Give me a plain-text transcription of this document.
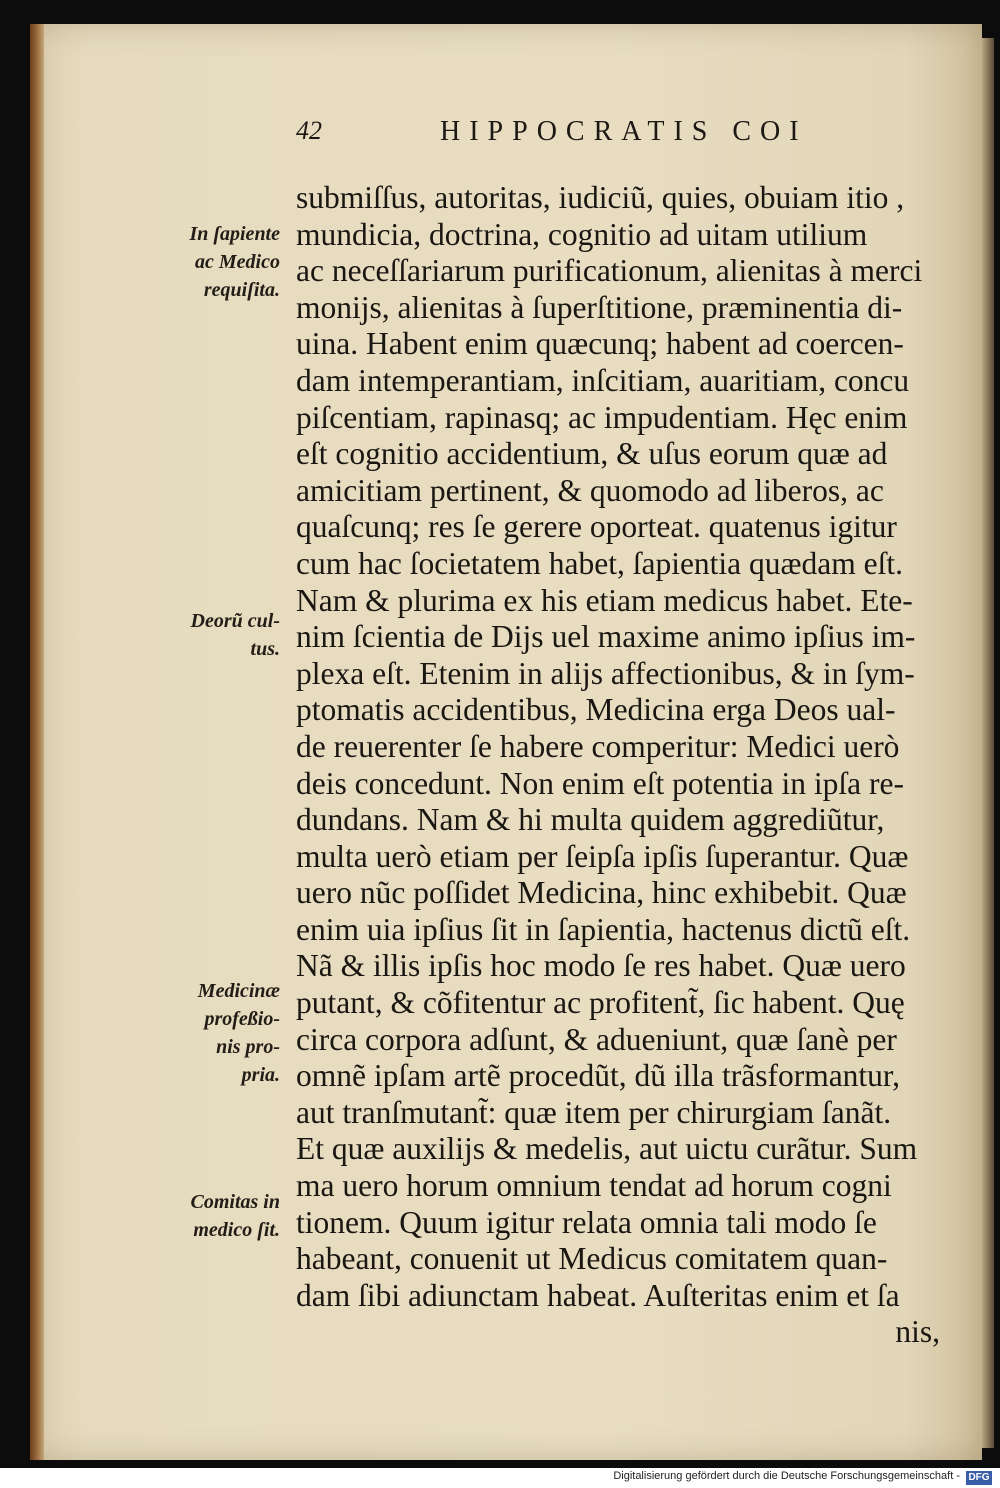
42	HIPPOCRATIS COI
submiſſus, autoritas, iudiciũ, quies, obuiam itio ,
mundicia, doctrina, cognitio ad uitam utilium
ac neceſſariarum purificationum, alienitas à merci
monijs, alienitas à ſuperſtitione, præminentia di-
uina. Habent enim quæcunq; habent ad coercen-
dam intemperantiam, inſcitiam, auaritiam, concu
piſcentiam, rapinasq; ac impudentiam. Hęc enim
eſt cognitio accidentium, & uſus eorum quæ ad
amicitiam pertinent, & quomodo ad liberos, ac
quaſcunq; res ſe gerere oporteat. quatenus igitur
cum hac ſocietatem habet, ſapientia quædam eſt.
Nam & plurima ex his etiam medicus habet. Ete-
nim ſcientia de Dijs uel maxime animo ipſius im-
plexa eſt. Etenim in alijs affectionibus, & in ſym-
ptomatis accidentibus, Medicina erga Deos ual-
de reuerenter ſe habere comperitur: Medici uerò
deis concedunt. Non enim eſt potentia in ipſa re-
dundans. Nam & hi multa quidem aggrediũtur,
multa uerò etiam per ſeipſa ipſis ſuperantur. Quæ
uero nũc poſſidet Medicina, hinc exhibebit. Quæ
enim uia ipſius ſit in ſapientia, hactenus dictũ eſt.
Nã & illis ipſis hoc modo ſe res habet. Quæ uero
putant, & cõfitentur ac profitent̃, ſic habent. Quę
circa corpora adſunt, & adueniunt, quæ ſanè per
omnẽ ipſam artẽ procedũt, dũ illa trãsformantur,
aut tranſmutant̃: quæ item per chirurgiam ſanãt.
Et quæ auxilijs & medelis, aut uictu curãtur. Sum
ma uero horum omnium tendat ad horum cogni
tionem. Quum igitur relata omnia tali modo ſe
habeant, conuenit ut Medicus comitatem quan-
dam ſibi adiunctam habeat. Auſteritas enim et ſa
nis,
In ſapiente
ac Medico
requiſita.
Deorũ cul-
tus.
Medicinæ
profeßio-
nis pro-
pria.
Comitas in
medico ſit.
Digitalisierung gefördert durch die Deutsche Forschungsgemeinschaft - DFG
